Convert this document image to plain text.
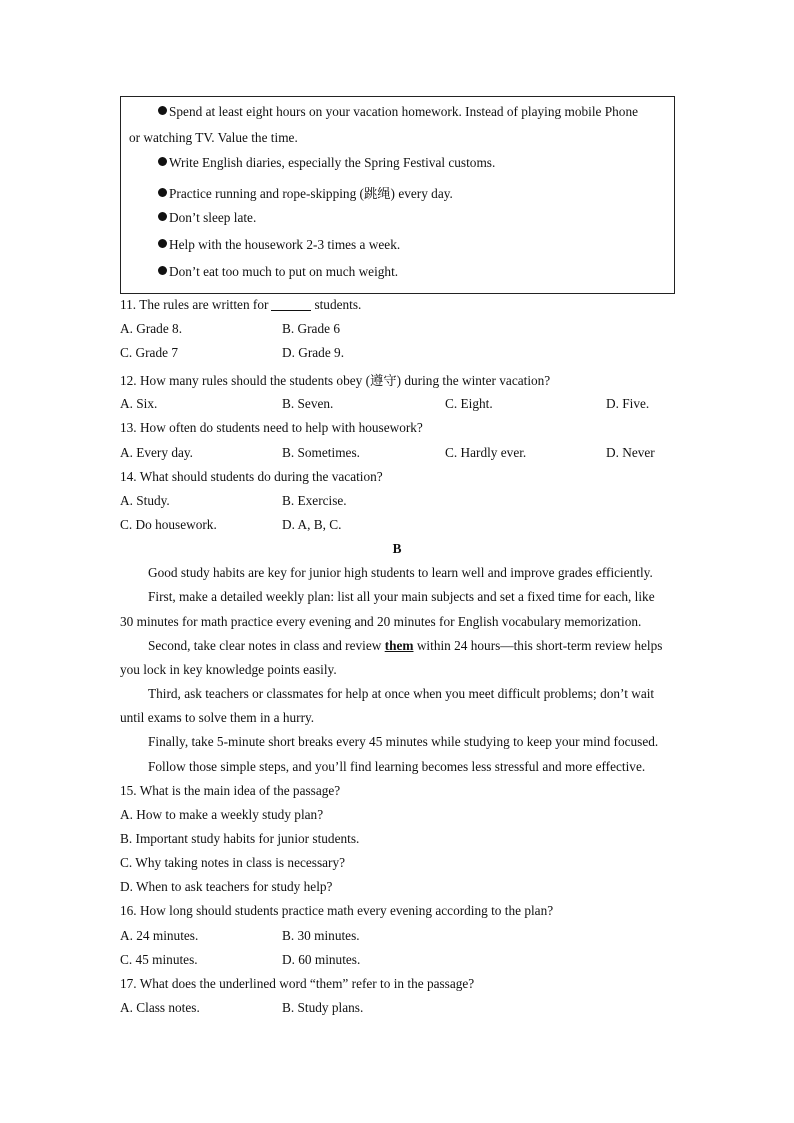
Spend at least eight hours on your vacation homework. Instead of playing mobile Phone
or watching TV. Value the time.
Write English diaries, especially the Spring Festival customs.
Practice running and rope-skipping (跳绳) every day.
Don’t sleep late.
Help with the housework 2-3 times a week.
Don’t eat too much to put on much weight.
11. The rules are written for	students.
A. Grade 8.	B. Grade 6
C. Grade 7	D. Grade 9.
12. How many rules should the students obey (遵守) during the winter vacation?
A. Six.	B. Seven.	C. Eight.	D. Five.
13. How often do students need to help with housework?
A. Every day.	B. Sometimes.	C. Hardly ever.	D. Never
14. What should students do during the vacation?
A. Study.	B. Exercise.
C. Do housework.	D. A, B, C.
B
Good study habits are key for junior high students to learn well and improve grades efficiently.
First, make a detailed weekly plan: list all your main subjects and set a fixed time for each, like
30 minutes for math practice every evening and 20 minutes for English vocabulary memorization.
Second, take clear notes in class and review them within 24 hours—this short-term review helps
you lock in key knowledge points easily.
Third, ask teachers or classmates for help at once when you meet difficult problems; don’t wait
until exams to solve them in a hurry.
Finally, take 5-minute short breaks every 45 minutes while studying to keep your mind focused.
Follow those simple steps, and you’ll find learning becomes less stressful and more effective.
15. What is the main idea of the passage?
A. How to make a weekly study plan?
B. Important study habits for junior students.
C. Why taking notes in class is necessary?
D. When to ask teachers for study help?
16. How long should students practice math every evening according to the plan?
A. 24 minutes.	B. 30 minutes.
C. 45 minutes.	D. 60 minutes.
17. What does the underlined word “them” refer to in the passage?
A. Class notes.	B. Study plans.
